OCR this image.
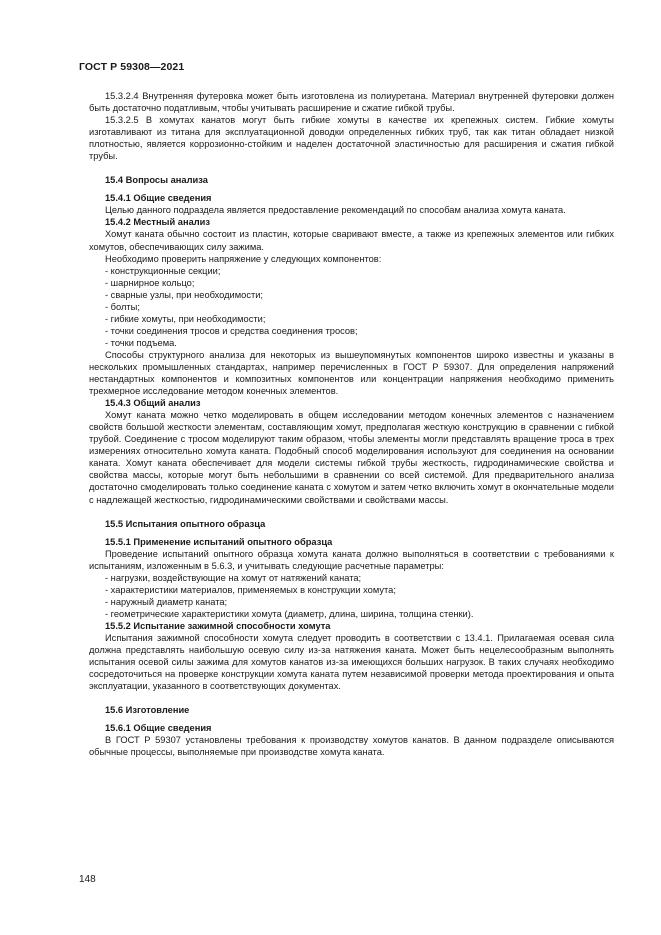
ГОСТ Р 59308—2021

15.3.2.4 Внутренняя футеровка может быть изготовлена из полиуретана. Материал внутренней футеровки должен быть достаточно податливым, чтобы учитывать расширение и сжатие гибкой трубы.

15.3.2.5 В хомутах канатов могут быть гибкие хомуты в качестве их крепежных систем. Гибкие хомуты изготавливают из титана для эксплуатационной доводки определенных гибких труб, так как титан обладает низкой плотностью, является коррозионно-стойким и наделен достаточной эластичностью для расширения и сжатия гибкой трубы.

15.4 Вопросы анализа

15.4.1 Общие сведения

Целью данного подраздела является предоставление рекомендаций по способам анализа хомута каната.

15.4.2 Местный анализ

Хомут каната обычно состоит из пластин, которые сваривают вместе, а также из крепежных элементов или гибких хомутов, обеспечивающих силу зажима.

Необходимо проверить напряжение у следующих компонентов:

- конструкционные секции;

- шарнирное кольцо;

- сварные узлы, при необходимости;

- болты;

- гибкие хомуты, при необходимости;

- точки соединения тросов и средства соединения тросов;

- точки подъема.

Способы структурного анализа для некоторых из вышеупомянутых компонентов широко известны и указаны в нескольких промышленных стандартах, например перечисленных в ГОСТ Р 59307. Для определения напряжений нестандартных компонентов и композитных компонентов или концентрации напряжения необходимо применить трехмерное исследование методом конечных элементов.

15.4.3 Общий анализ

Хомут каната можно четко моделировать в общем исследовании методом конечных элементов с назначением свойств большой жесткости элементам, составляющим хомут, предполагая жесткую конструкцию в сравнении с гибкой трубой. Соединение с тросом моделируют таким образом, чтобы элементы могли представлять вращение троса в трех измерениях относительно хомута каната. Подобный способ моделирования используют для соединения на основании каната. Хомут каната обеспечивает для модели системы гибкой трубы жесткость, гидродинамические свойства и свойства массы, которые могут быть небольшими в сравнении со всей системой. Для предварительного анализа достаточно смоделировать только соединение каната с хомутом и затем четко включить хомут в окончательные модели с надлежащей жесткостью, гидродинамическими свойствами и свойствами массы.

15.5 Испытания опытного образца

15.5.1 Применение испытаний опытного образца

Проведение испытаний опытного образца хомута каната должно выполняться в соответствии с требованиями к испытаниям, изложенным в 5.6.3, и учитывать следующие расчетные параметры:

- нагрузки, воздействующие на хомут от натяжений каната;

- характеристики материалов, применяемых в конструкции хомута;

- наружный диаметр каната;

- геометрические характеристики хомута (диаметр, длина, ширина, толщина стенки).

15.5.2 Испытание зажимной способности хомута

Испытания зажимной способности хомута следует проводить в соответствии с 13.4.1. Прилагаемая осевая сила должна представлять наибольшую осевую силу из-за натяжения каната. Может быть нецелесообразным выполнять испытания осевой силы зажима для хомутов канатов из-за имеющихся больших нагрузок. В таких случаях необходимо сосредоточиться на проверке конструкции хомута каната путем независимой проверки метода проектирования и опыта эксплуатации, указанного в соответствующих документах.

15.6 Изготовление

15.6.1 Общие сведения

В ГОСТ Р 59307 установлены требования к производству хомутов канатов. В данном подразделе описываются обычные процессы, выполняемые при производстве хомута каната.

148
